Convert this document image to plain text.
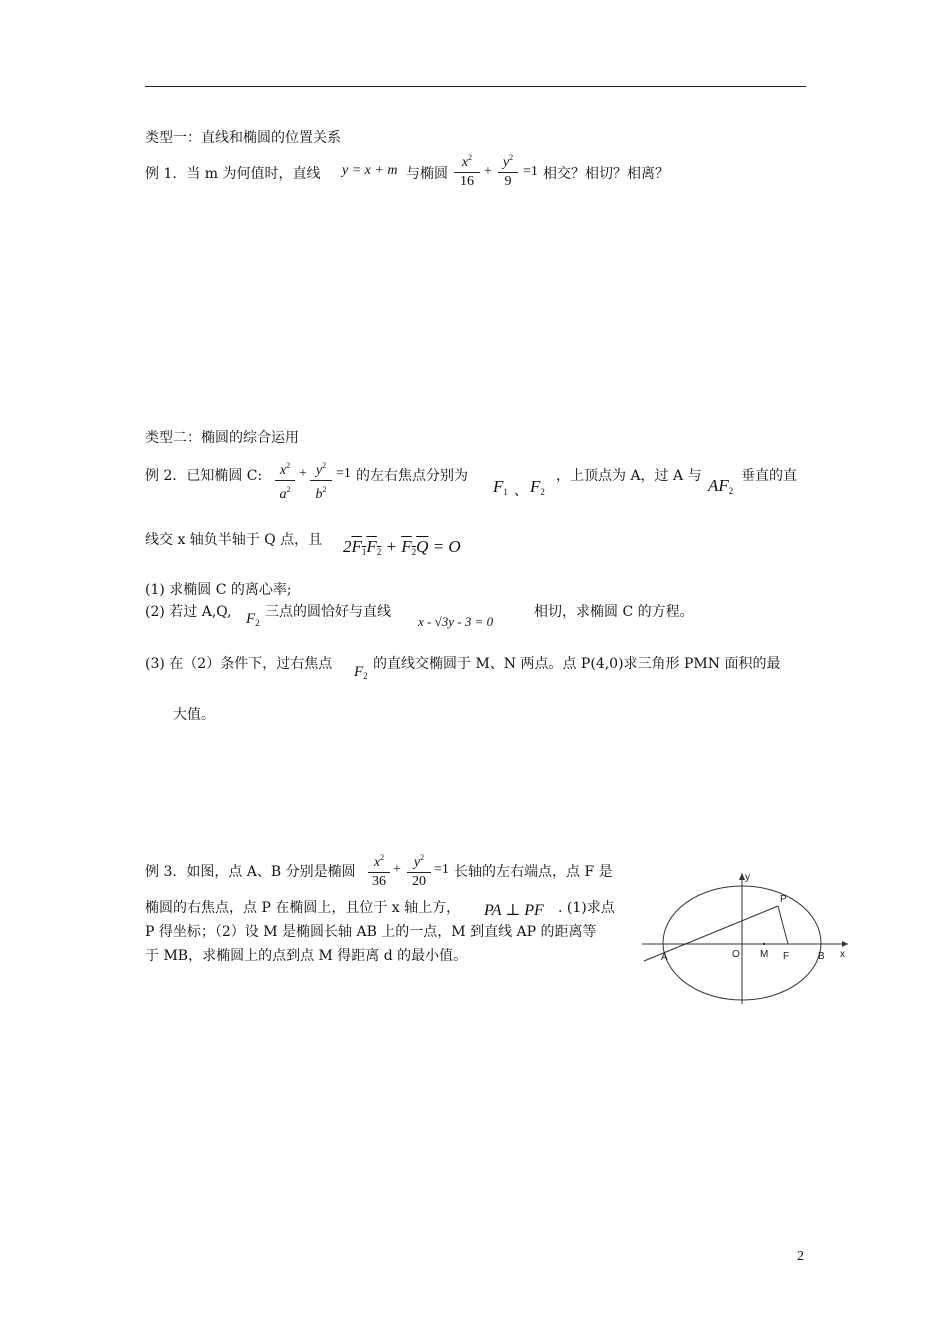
类型一：直线和椭圆的位置关系
例 1．当 m 为何值时，直线 y = x + m 与椭圆
$x^2$
16
+
$y^2$
9
=1 相交？相切？相离？
类型二：椭圆的综合运用
例 2．已知椭圆 C:	$x^2$
$a^2$
+ $y^2$
$b^2$
=1 的左右焦点分别为
$F_1$ 、 $F_2$
，上顶点为 A，过 A 与 $AF_2$
垂直的直
线交 x 轴负半轴于 Q 点，且 $2F_1F_2 + F_2Q = O$
(1) 求椭圆 C 的离心率;
(2) 若过 A,Q, $F_2$
三点的圆恰好与直线
x - √3y - 3 = 0
相切，求椭圆 C 的方程。
(3) 在（2）条件下，过右焦点 $F_2$
的直线交椭圆于 M、N 两点。点 P(4,0)求三角形 PMN 面积的最
大值。
例 3．如图，点 A、B 分别是椭圆
$x^2$
36
+ $y^2$
20
=1 长轴的左右端点，点 F 是
椭圆的右焦点，点 P 在椭圆上，且位于 x 轴上方， PA ⊥ PF . (1)求点
P 得坐标；（2）设 M 是椭圆长轴 AB 上的一点，M 到直线 AP 的距离等
于 MB，求椭圆上的点到点 M 得距离 d 的最小值。
y
P
A	O M F	B x
2
